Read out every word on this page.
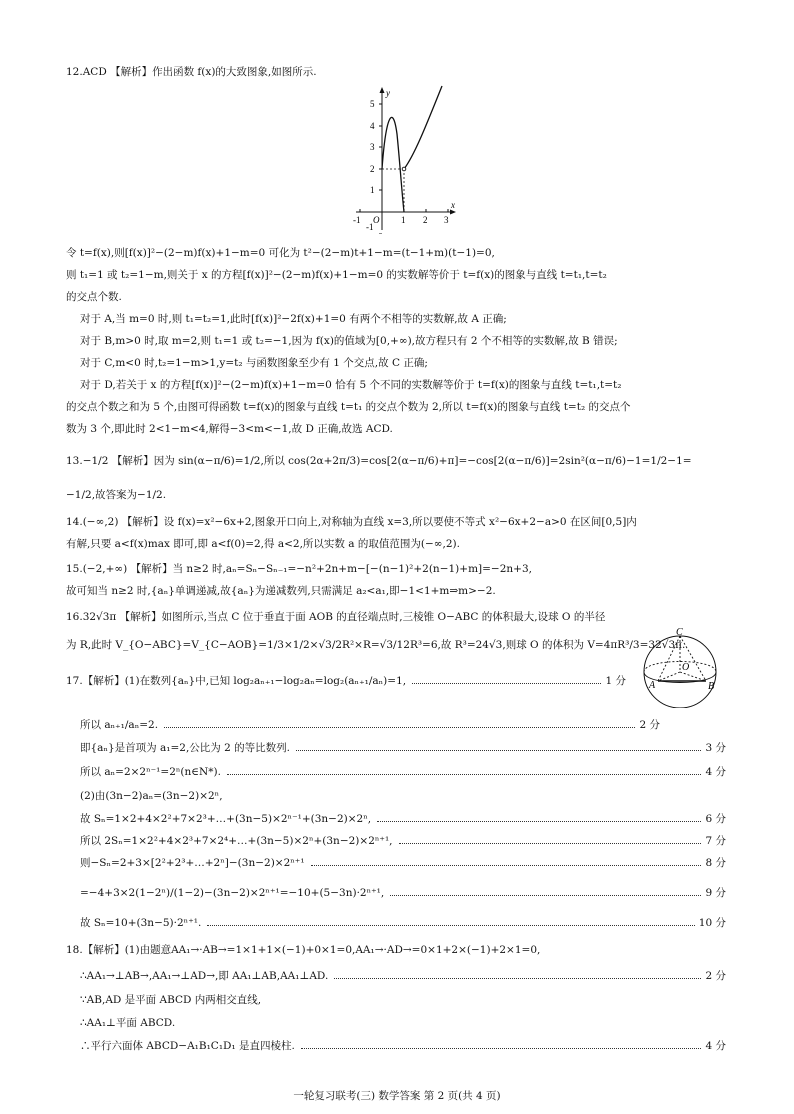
12.ACD 【解析】作出函数 f(x)的大致图象,如图所示.
y
x
5
4
3
2
1
-1
-1 O 1 2 3
令 t=f(x),则[f(x)]²−(2−m)f(x)+1−m=0 可化为 t²−(2−m)t+1−m=(t−1+m)(t−1)=0,
则 t₁=1 或 t₂=1−m,则关于 x 的方程[f(x)]²−(2−m)f(x)+1−m=0 的实数解等价于 t=f(x)的图象与直线 t=t₁,t=t₂
的交点个数.
对于 A,当 m=0 时,则 t₁=t₂=1,此时[f(x)]²−2f(x)+1=0 有两个不相等的实数解,故 A 正确;
对于 B,m>0 时,取 m=2,则 t₁=1 或 t₂=−1,因为 f(x)的值域为[0,+∞),故方程只有 2 个不相等的实数解,故 B 错误;
对于 C,m<0 时,t₂=1−m>1,y=t₂ 与函数图象至少有 1 个交点,故 C 正确;
对于 D,若关于 x 的方程[f(x)]²−(2−m)f(x)+1−m=0 恰有 5 个不同的实数解等价于 t=f(x)的图象与直线 t=t₁,t=t₂
的交点个数之和为 5 个,由图可得函数 t=f(x)的图象与直线 t=t₁ 的交点个数为 2,所以 t=f(x)的图象与直线 t=t₂ 的交点个
数为 3 个,即此时 2<1−m<4,解得−3<m<−1,故 D 正确,故选 ACD.
13.−1/2 【解析】因为 sin(α−π/6)=1/2,所以 cos(2α+2π/3)=cos[2(α−π/6)+π]=−cos[2(α−π/6)]=2sin²(α−π/6)−1=1/2−1=
−1/2,故答案为−1/2.
14.(−∞,2) 【解析】设 f(x)=x²−6x+2,图象开口向上,对称轴为直线 x=3,所以要使不等式 x²−6x+2−a>0 在区间[0,5]内
有解,只要 a<f(x)max 即可,即 a<f(0)=2,得 a<2,所以实数 a 的取值范围为(−∞,2).
15.(−2,+∞) 【解析】当 n≥2 时,aₙ=Sₙ−Sₙ₋₁=−n²+2n+m−[−(n−1)²+2(n−1)+m]=−2n+3,
故可知当 n≥2 时,{aₙ}单调递减,故{aₙ}为递减数列,只需满足 a₂<a₁,即−1<1+m⇒m>−2.
16.32√3π 【解析】如图所示,当点 C 位于垂直于面 AOB 的直径端点时,三棱锥 O−ABC 的体积最大,设球 O 的半径
为 R,此时 V_{O−ABC}=V_{C−AOB}=1/3×1/2×√3/2R²×R=√3/12R³=6,故 R³=24√3,则球 O 的体积为 V=4πR³/3=32√3π.
C
O
A	B
17.【解析】(1)在数列{aₙ}中,已知 log₂aₙ₊₁−log₂aₙ=log₂(aₙ₊₁/aₙ)=1,	1 分
所以 aₙ₊₁/aₙ=2.	2 分
即{aₙ}是首项为 a₁=2,公比为 2 的等比数列.	3 分
所以 aₙ=2×2ⁿ⁻¹=2ⁿ(n∈N*).	4 分
(2)由(3n−2)aₙ=(3n−2)×2ⁿ,
故 Sₙ=1×2+4×2²+7×2³+…+(3n−5)×2ⁿ⁻¹+(3n−2)×2ⁿ,	6 分
所以 2Sₙ=1×2²+4×2³+7×2⁴+…+(3n−5)×2ⁿ+(3n−2)×2ⁿ⁺¹,	7 分
则−Sₙ=2+3×[2²+2³+…+2ⁿ]−(3n−2)×2ⁿ⁺¹	8 分
=−4+3×2(1−2ⁿ)/(1−2)−(3n−2)×2ⁿ⁺¹=−10+(5−3n)·2ⁿ⁺¹,	9 分
故 Sₙ=10+(3n−5)·2ⁿ⁺¹.	10 分
18.【解析】(1)由题意AA₁→·AB→=1×1+1×(−1)+0×1=0,AA₁→·AD→=0×1+2×(−1)+2×1=0,
∴AA₁→⊥AB→,AA₁→⊥AD→,即 AA₁⊥AB,AA₁⊥AD.	2 分
∵AB,AD 是平面 ABCD 内两相交直线,
∴AA₁⊥平面 ABCD.
∴平行六面体 ABCD−A₁B₁C₁D₁ 是直四棱柱.	4 分
一轮复习联考(三) 数学答案 第 2 页(共 4 页)
